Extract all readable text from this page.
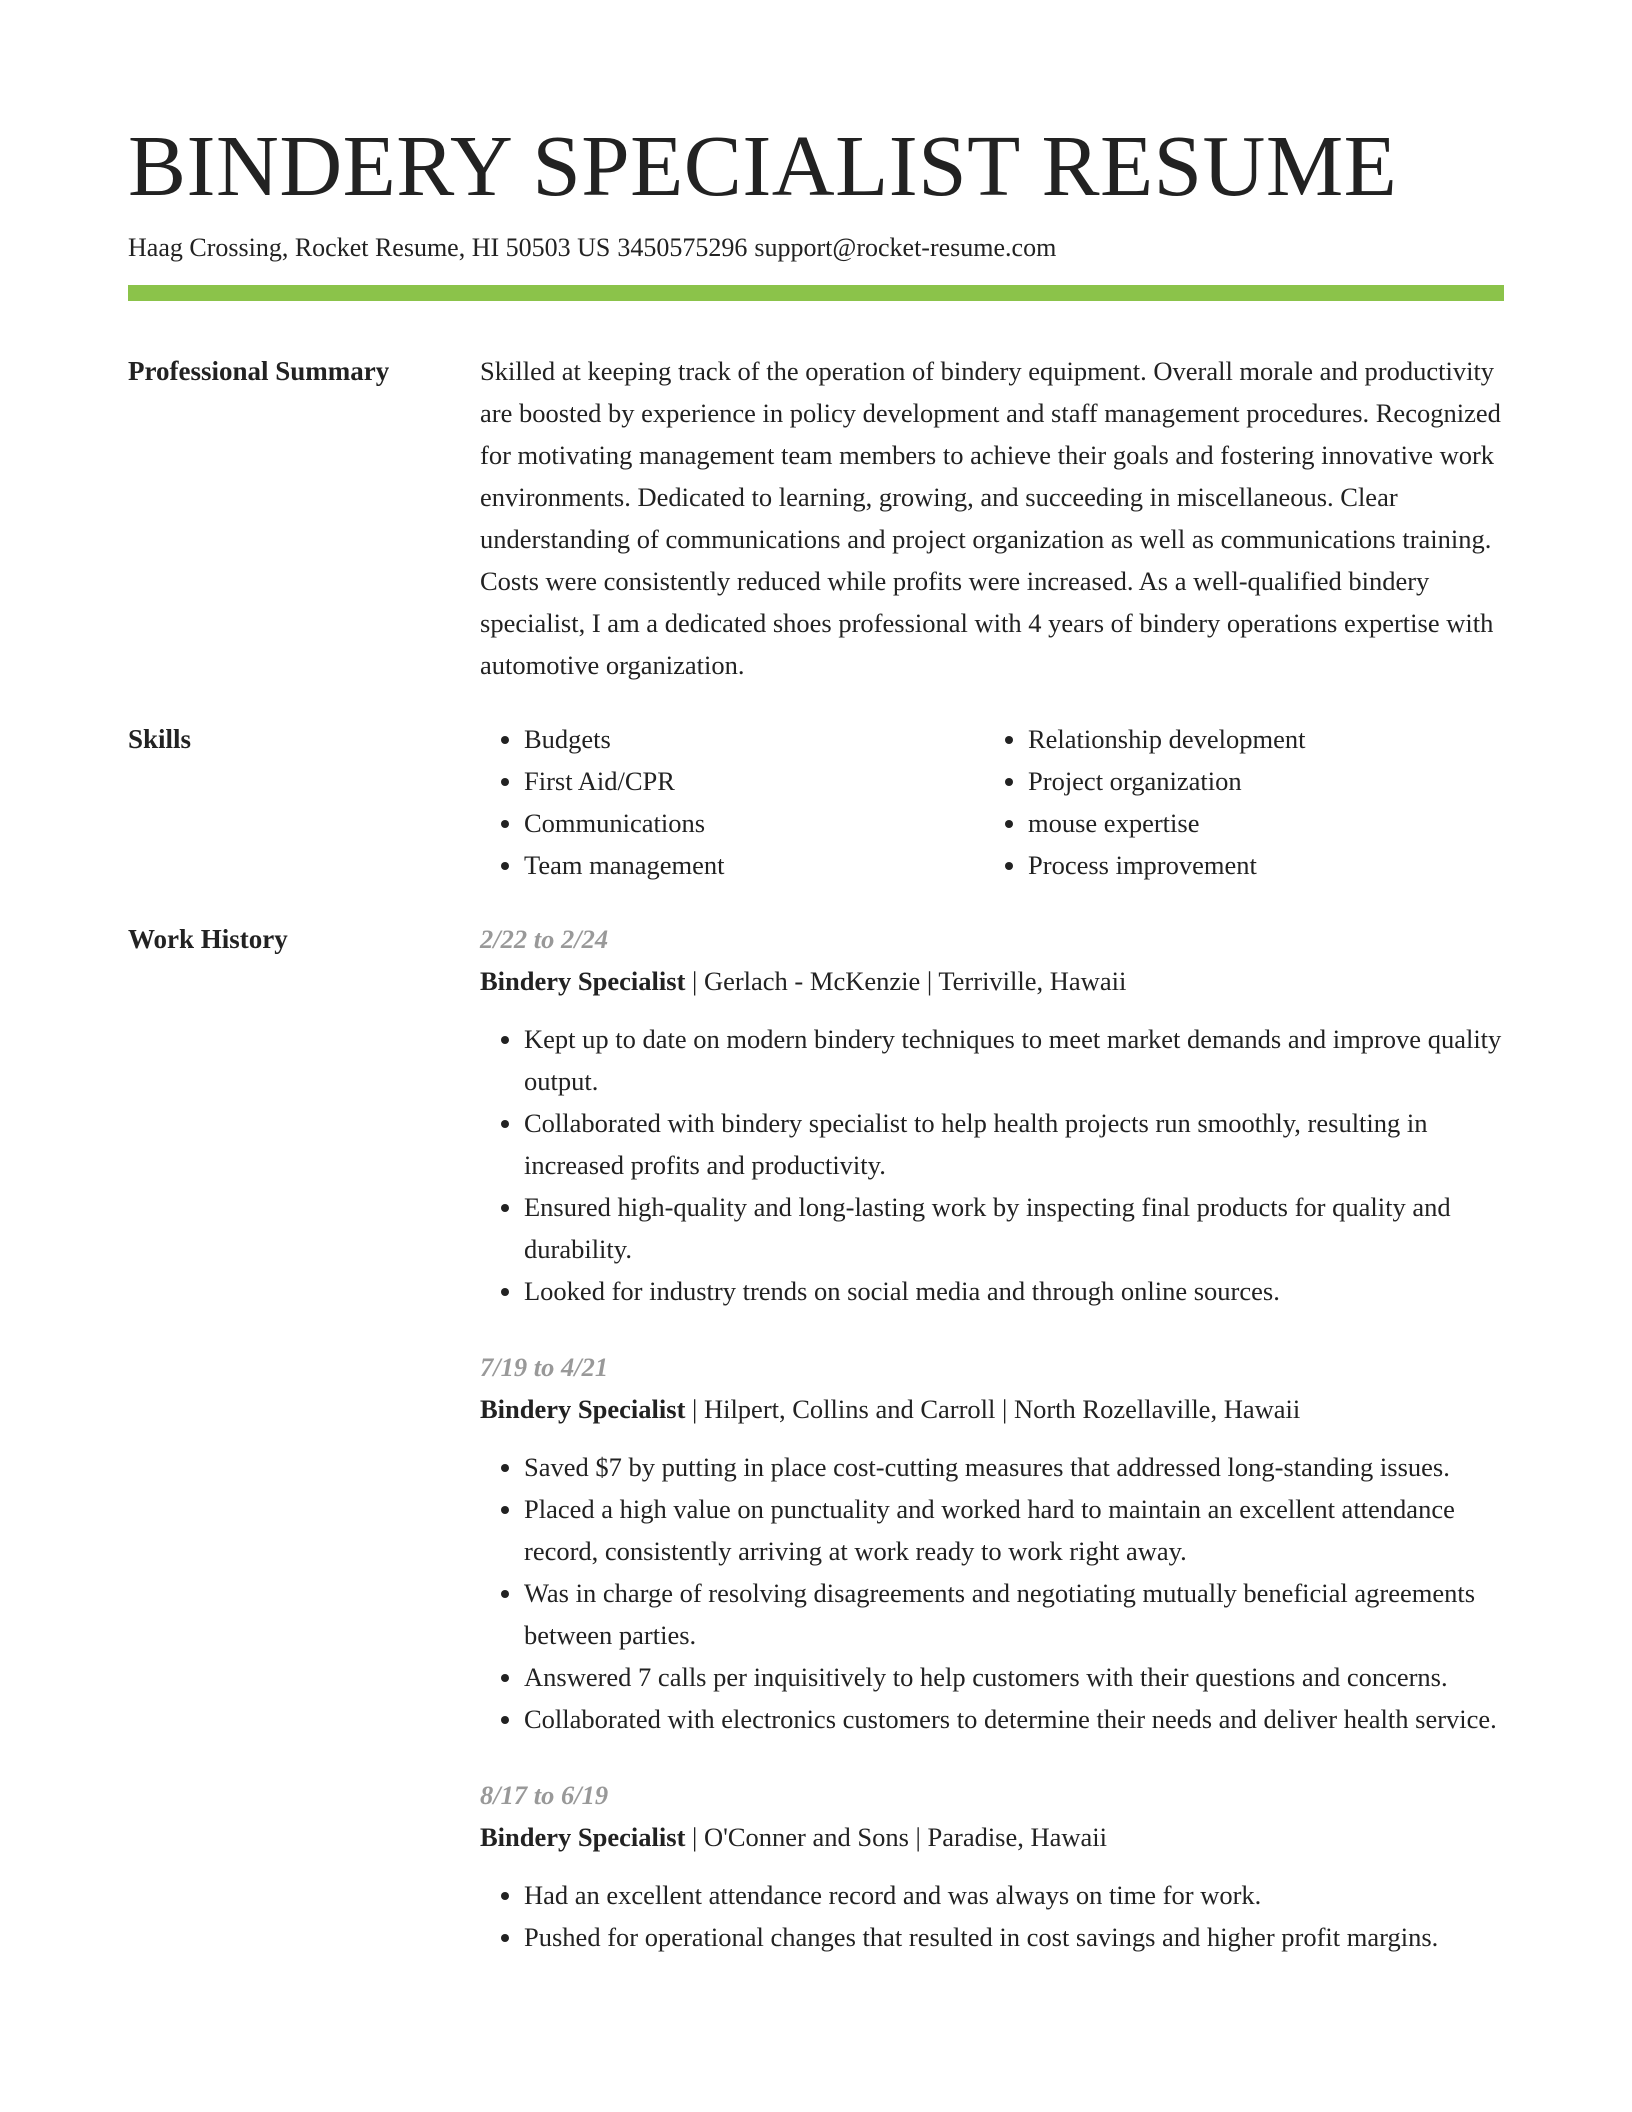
BINDERY SPECIALIST RESUME
Haag Crossing, Rocket Resume, HI 50503 US 3450575296 support@rocket-resume.com
Professional Summary	Skilled at keeping track of the operation of bindery equipment. Overall morale and productivity are boosted by experience in policy development and staff management procedures. Recognized for motivating management team members to achieve their goals and fostering innovative work environments. Dedicated to learning, growing, and succeeding in miscellaneous. Clear understanding of communications and project organization as well as communications training. Costs were consistently reduced while profits were increased. As a well-qualified bindery specialist, I am a dedicated shoes professional with 4 years of bindery operations expertise with automotive organization.

Skills
•	Budgets
• First Aid/CPR
• Communications
• Team management
• Relationship development
• Project organization
• mouse expertise
• Process improvement
Work History	2/22 to 2/24
Bindery Specialist | Gerlach - McKenzie | Terriville, Hawaii
• Kept up to date on modern bindery techniques to meet market demands and improve quality output.
• Collaborated with bindery specialist to help health projects run smoothly, resulting in increased profits and productivity.
• Ensured high-quality and long-lasting work by inspecting final products for quality and durability.
• Looked for industry trends on social media and through online sources.
7/19 to 4/21
Bindery Specialist | Hilpert, Collins and Carroll | North Rozellaville, Hawaii
• Saved $7 by putting in place cost-cutting measures that addressed long-standing issues.
• Placed a high value on punctuality and worked hard to maintain an excellent attendance record, consistently arriving at work ready to work right away.
• Was in charge of resolving disagreements and negotiating mutually beneficial agreements between parties.
• Answered 7 calls per inquisitively to help customers with their questions and concerns.
• Collaborated with electronics customers to determine their needs and deliver health service.
8/17 to 6/19
Bindery Specialist | O'Conner and Sons | Paradise, Hawaii
• Had an excellent attendance record and was always on time for work.
• Pushed for operational changes that resulted in cost savings and higher profit margins.
